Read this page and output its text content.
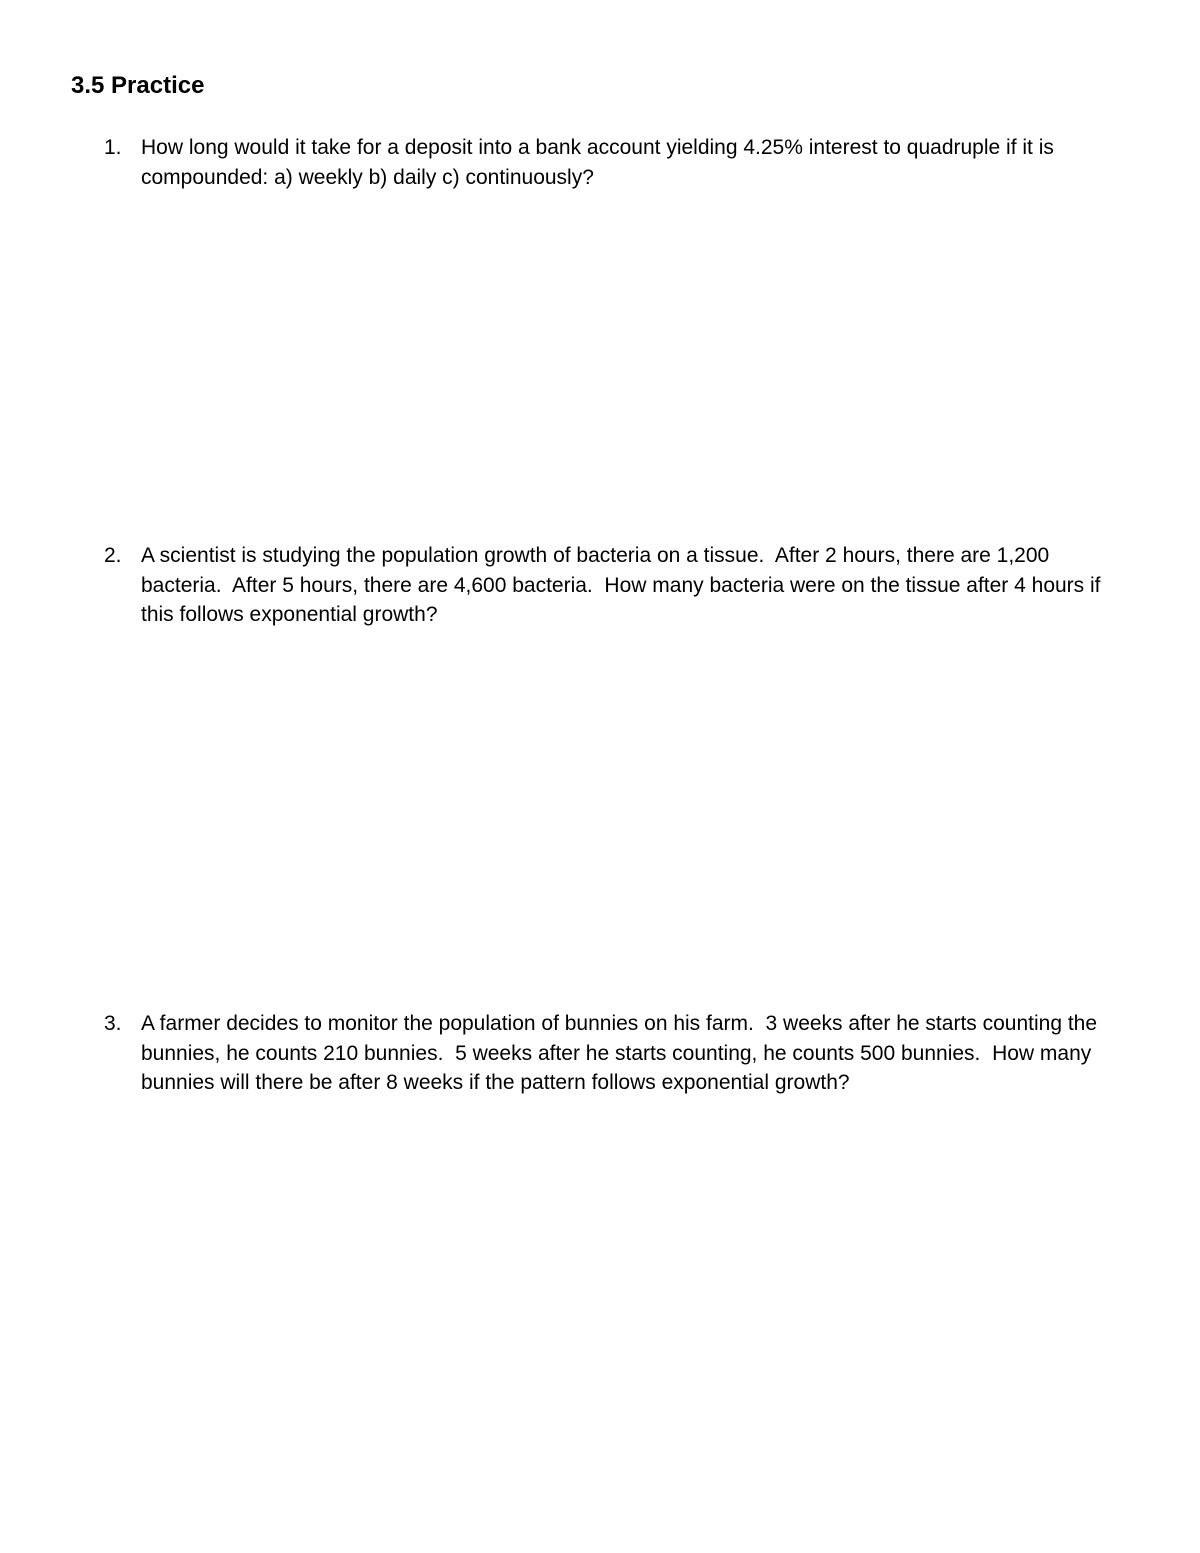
3.5 Practice
1. How long would it take for a deposit into a bank account yielding 4.25% interest to quadruple if it is compounded: a) weekly b) daily c) continuously?
2. A scientist is studying the population growth of bacteria on a tissue.  After 2 hours, there are 1,200 bacteria.  After 5 hours, there are 4,600 bacteria.  How many bacteria were on the tissue after 4 hours if this follows exponential growth?
3. A farmer decides to monitor the population of bunnies on his farm.  3 weeks after he starts counting the bunnies, he counts 210 bunnies.  5 weeks after he starts counting, he counts 500 bunnies.  How many bunnies will there be after 8 weeks if the pattern follows exponential growth?
